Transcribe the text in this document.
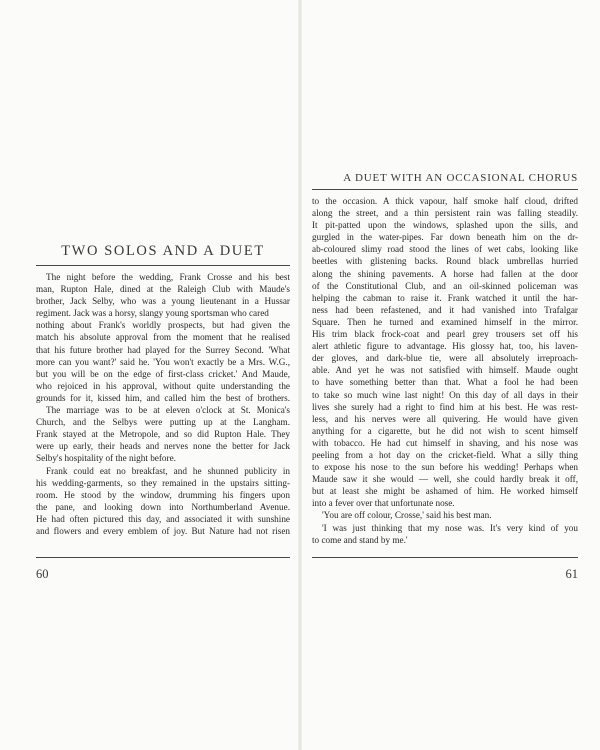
TWO SOLOS AND A DUET
The night before the wedding, Frank Crosse and his best
man, Rupton Hale, dined at the Raleigh Club with Maude's
brother, Jack Selby, who was a young lieutenant in a Hussar
regiment. Jack was a horsy, slangy young sportsman who cared
nothing about Frank's worldly prospects, but had given the
match his absolute approval from the moment that he realised
that his future brother had played for the Surrey Second. 'What
more can you want?' said he. 'You won't exactly be a Mrs. W.G.,
but you will be on the edge of first-class cricket.' And Maude,
who rejoiced in his approval, without quite understanding the
grounds for it, kissed him, and called him the best of brothers.
The marriage was to be at eleven o'clock at St. Monica's
Church, and the Selbys were putting up at the Langham.
Frank stayed at the Metropole, and so did Rupton Hale. They
were up early, their heads and nerves none the better for Jack
Selby's hospitality of the night before.
Frank could eat no breakfast, and he shunned publicity in
his wedding-garments, so they remained in the upstairs sitting-
room. He stood by the window, drumming his fingers upon
the pane, and looking down into Northumberland Avenue.
He had often pictured this day, and associated it with sunshine
and flowers and every emblem of joy. But Nature had not risen
60
A DUET WITH AN OCCASIONAL CHORUS
to the occasion. A thick vapour, half smoke half cloud, drifted
along the street, and a thin persistent rain was falling steadily.
It pit-patted upon the windows, splashed upon the sills, and
gurgled in the water-pipes. Far down beneath him on the dr-
ab-coloured slimy road stood the lines of wet cabs, looking like
beetles with glistening backs. Round black umbrellas hurried
along the shining pavements. A horse had fallen at the door
of the Constitutional Club, and an oil-skinned policeman was
helping the cabman to raise it. Frank watched it until the har-
ness had been refastened, and it had vanished into Trafalgar
Square. Then he turned and examined himself in the mirror.
His trim black frock-coat and pearl grey trousers set off his
alert athletic figure to advantage. His glossy hat, too, his laven-
der gloves, and dark-blue tie, were all absolutely irreproach-
able. And yet he was not satisfied with himself. Maude ought
to have something better than that. What a fool he had been
to take so much wine last night! On this day of all days in their
lives she surely had a right to find him at his best. He was rest-
less, and his nerves were all quivering. He would have given
anything for a cigarette, but he did not wish to scent himself
with tobacco. He had cut himself in shaving, and his nose was
peeling from a hot day on the cricket-field. What a silly thing
to expose his nose to the sun before his wedding! Perhaps when
Maude saw it she would — well, she could hardly break it off,
but at least she might be ashamed of him. He worked himself
into a fever over that unfortunate nose.
'You are off colour, Crosse,' said his best man.
'I was just thinking that my nose was. It's very kind of you
to come and stand by me.'
61
